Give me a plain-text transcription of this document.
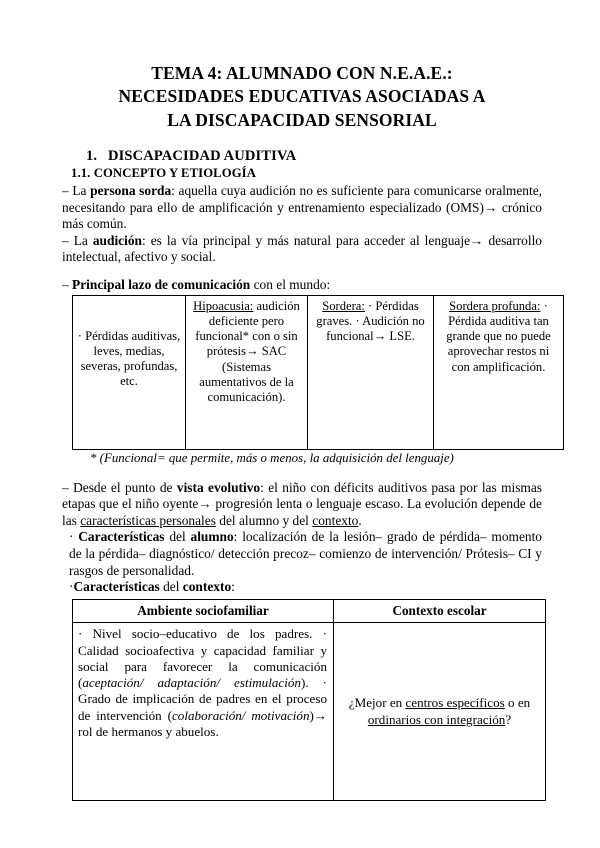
TEMA 4: ALUMNADO CON N.E.A.E.:
NECESIDADES EDUCATIVAS ASOCIADAS A
LA DISCAPACIDAD SENSORIAL
1. DISCAPACIDAD AUDITIVA
1.1. CONCEPTO Y ETIOLOGÍA

– La persona sorda: aquella cuya audición no es suficiente para comunicarse oralmente, necesitando para ello de amplificación y entrenamiento especializado (OMS)→ crónico más común.

– La audición: es la vía principal y más natural para acceder al lenguaje→ desarrollo intelectual, afectivo y social.

– Principal lazo de comunicación con el mundo:

· Pérdidas auditivas, leves, medias, severas, profundas, etc.	Hipoacusia: audición deficiente pero funcional* con o sin prótesis→ SAC (Sistemas aumentativos de la comunicación).	Sordera: · Pérdidas graves. · Audición no funcional→ LSE.	Sordera profunda: · Pérdida auditiva tan grande que no puede aprovechar restos ni con amplificación.

* (Funcional= que permite, más o menos, la adquisición del lenguaje)

– Desde el punto de vista evolutivo: el niño con déficits auditivos pasa por las mismas etapas que el niño oyente→ progresión lenta o lenguaje escaso. La evolución depende de las características personales del alumno y del contexto.

· Características del alumno: localización de la lesión– grado de pérdida– momento de la pérdida– diagnóstico/ detección precoz– comienzo de intervención/ Prótesis– CI y rasgos de personalidad.

·Características del contexto:

Ambiente sociofamiliar	Contexto escolar
· Nivel socio–educativo de los padres. · Calidad socioafectiva y capacidad familiar y social para favorecer la comunicación (aceptación/ adaptación/ estimulación). · Grado de implicación de padres en el proceso de intervención (colaboración/ motivación)→ rol de hermanos y abuelos.	¿Mejor en centros específicos o en ordinarios con integración?
